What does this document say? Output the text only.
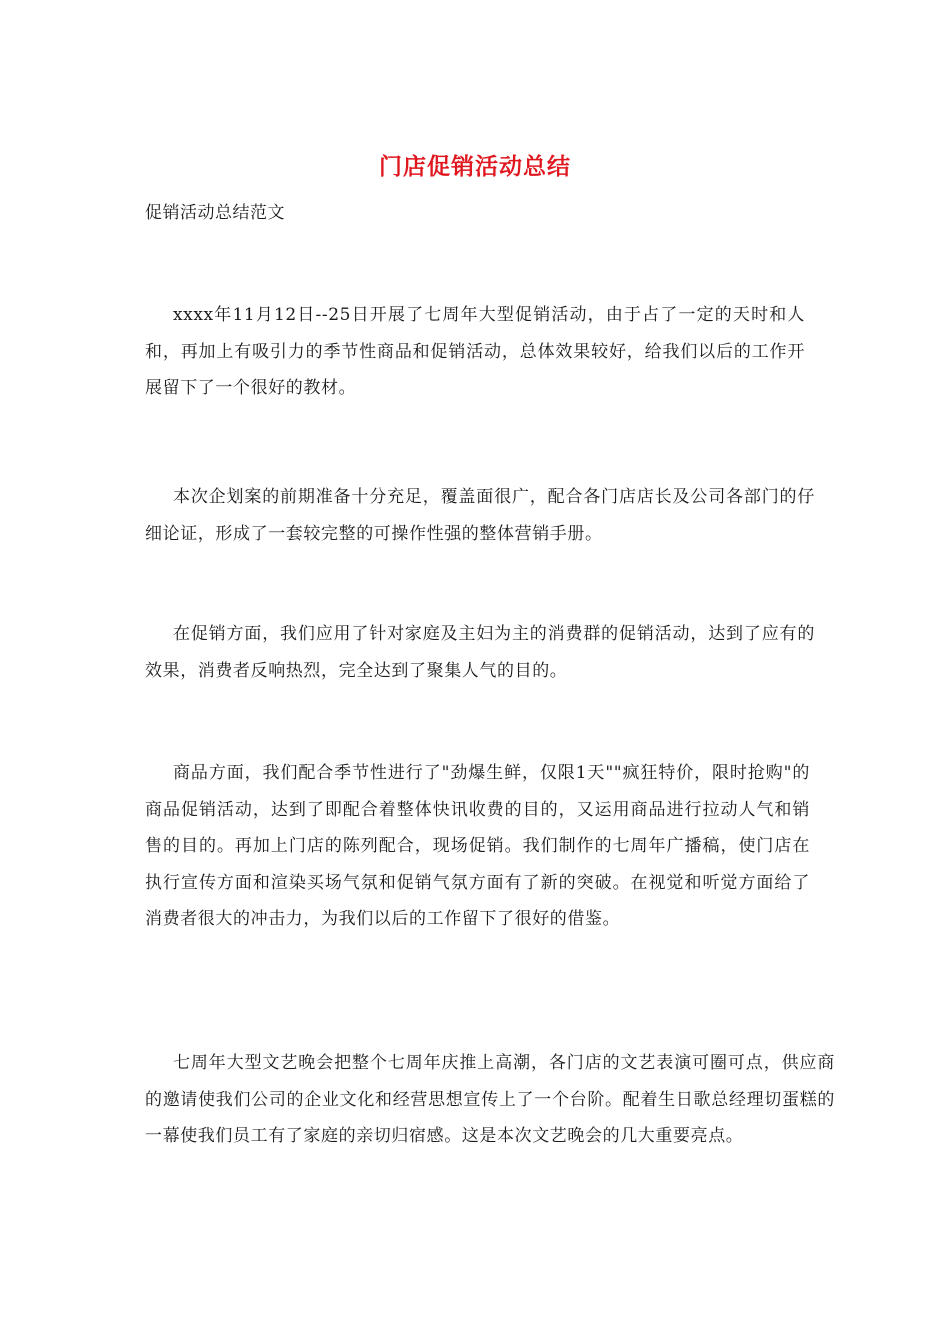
门店促销活动总结
促销活动总结范文

xxxx年11月12日--25日开展了七周年大型促销活动，由于占了一定的天时和人和，再加上有吸引力的季节性商品和促销活动，总体效果较好，给我们以后的工作开展留下了一个很好的教材。

本次企划案的前期准备十分充足，覆盖面很广，配合各门店店长及公司各部门的仔细论证，形成了一套较完整的可操作性强的整体营销手册。

在促销方面，我们应用了针对家庭及主妇为主的消费群的促销活动，达到了应有的效果，消费者反响热烈，完全达到了聚集人气的目的。

商品方面，我们配合季节性进行了"劲爆生鲜，仅限1天""疯狂特价，限时抢购"的商品促销活动，达到了即配合着整体快讯收费的目的，又运用商品进行拉动人气和销售的目的。再加上门店的陈列配合，现场促销。我们制作的七周年广播稿，使门店在执行宣传方面和渲染买场气氛和促销气氛方面有了新的突破。在视觉和听觉方面给了消费者很大的冲击力，为我们以后的工作留下了很好的借鉴。

七周年大型文艺晚会把整个七周年庆推上高潮，各门店的文艺表演可圈可点，供应商的邀请使我们公司的企业文化和经营思想宣传上了一个台阶。配着生日歌总经理切蛋糕的一幕使我们员工有了家庭的亲切归宿感。这是本次文艺晚会的几大重要亮点。
